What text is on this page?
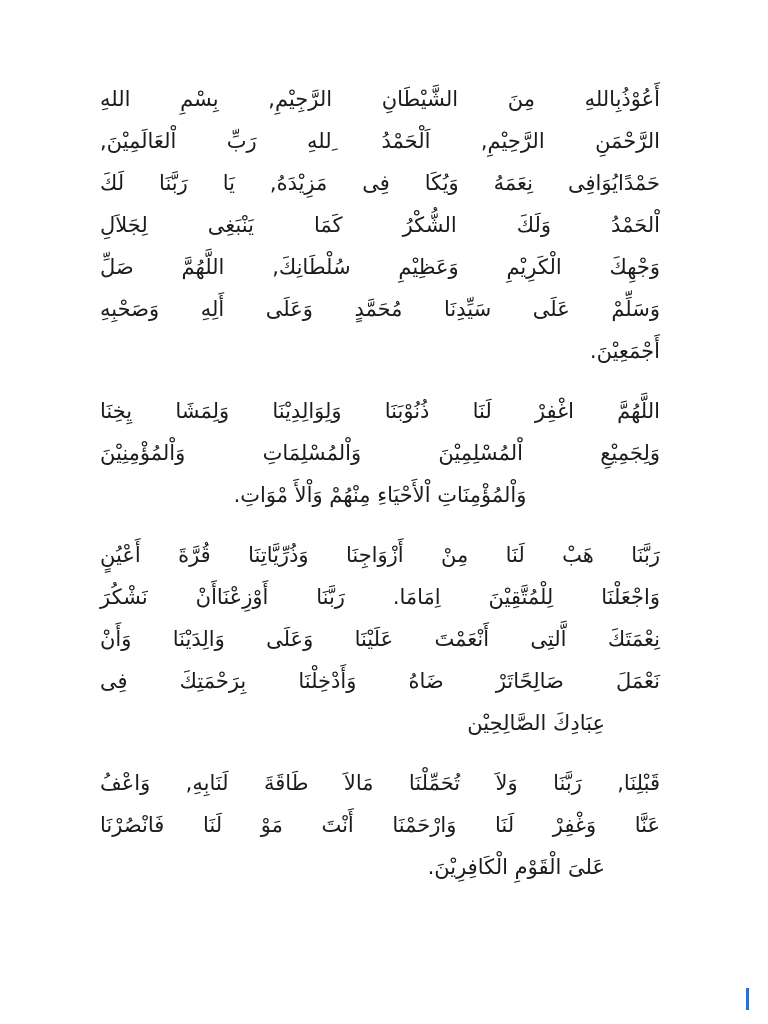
أَعُوْذُبِاللهِ مِنَ الشَّيْطَانِ الرَّجِيْمِ, بِسْمِ اللهِ
الرَّحْمَنِ الرَّحِيْمِ, اَلْحَمْدُ ِللهِ رَبِّ اْلعَالَمِيْنَ,
حَمْدًايُوَافِى نِعَمَهُ وَيُكَا فِى مَزِيْدَهُ, يَا رَبَّنَا لَكَ
اْلحَمْدُ وَلَكَ الشُّكْرُ كَمَا يَنْبَغِى لِجَلاَلِ
وَجْهِكَ الْكَرِيْمِ وَعَظِيْمِ سُلْطَانِكَ, اللَّهُمَّ صَلِّ
وَسَلِّمْ عَلَى سَيِّدِنَا مُحَمَّدٍ وَعَلَى أَلِهِ وَصَحْبِهِ
أَجْمَعِيْنَ.
اللَّهُمَّ اغْفِرْ لَنَا ذُنُوْبَنَا وَلِوَالِدِيْنَا وَلِمَشَا يِخِنَا
وَلِجَمِيْعِ اْلمُسْلِمِيْنَ وَاْلمُسْلِمَاتِ وَاْلمُؤْمِنِيْنَ
وَاْلمُؤْمِنَاتِ اْلأَحْيَاءِ مِنْهُمْ وَاْلأَ مْوَاتِ.
رَبَّنَا هَبْ لَنَا مِنْ أَزْوَاجِنَا وَذُرِّيَّاتِنَا قُرَّةَ أَعْيُنٍ
وَاجْعَلْنَا لِلْمُتَّقِيْنَ اِمَامَا. رَبَّنَا أَوْزِعْنَاأَنْ نَشْكُرَ
نِعْمَتَكَ اَّلتِى أَنْعَمْتَ عَلَيْنَا وَعَلَى وَالِدَيْنَا وَأَنْ
نَعْمَلَ صَالِحًاتَرْ ضَاهُ وَأَدْخِلْنَا بِرَحْمَتِكَ فِى
عِبَادِكَ الصَّالِحِيْن
قَبْلِنَا, رَبَّنَا وَلاَ تُحَمِّلْنَا مَالاَ طَاقَةَ لَنَابِهِ, وَاعْفُ
عَنَّا وَغْفِرْ لَنَا وَارْحَمْنَا أَنْتَ مَوْ لَنَا فَانْصُرْنَا
عَلىَ الْقَوْمِ الْكَافِرِيْنَ.
